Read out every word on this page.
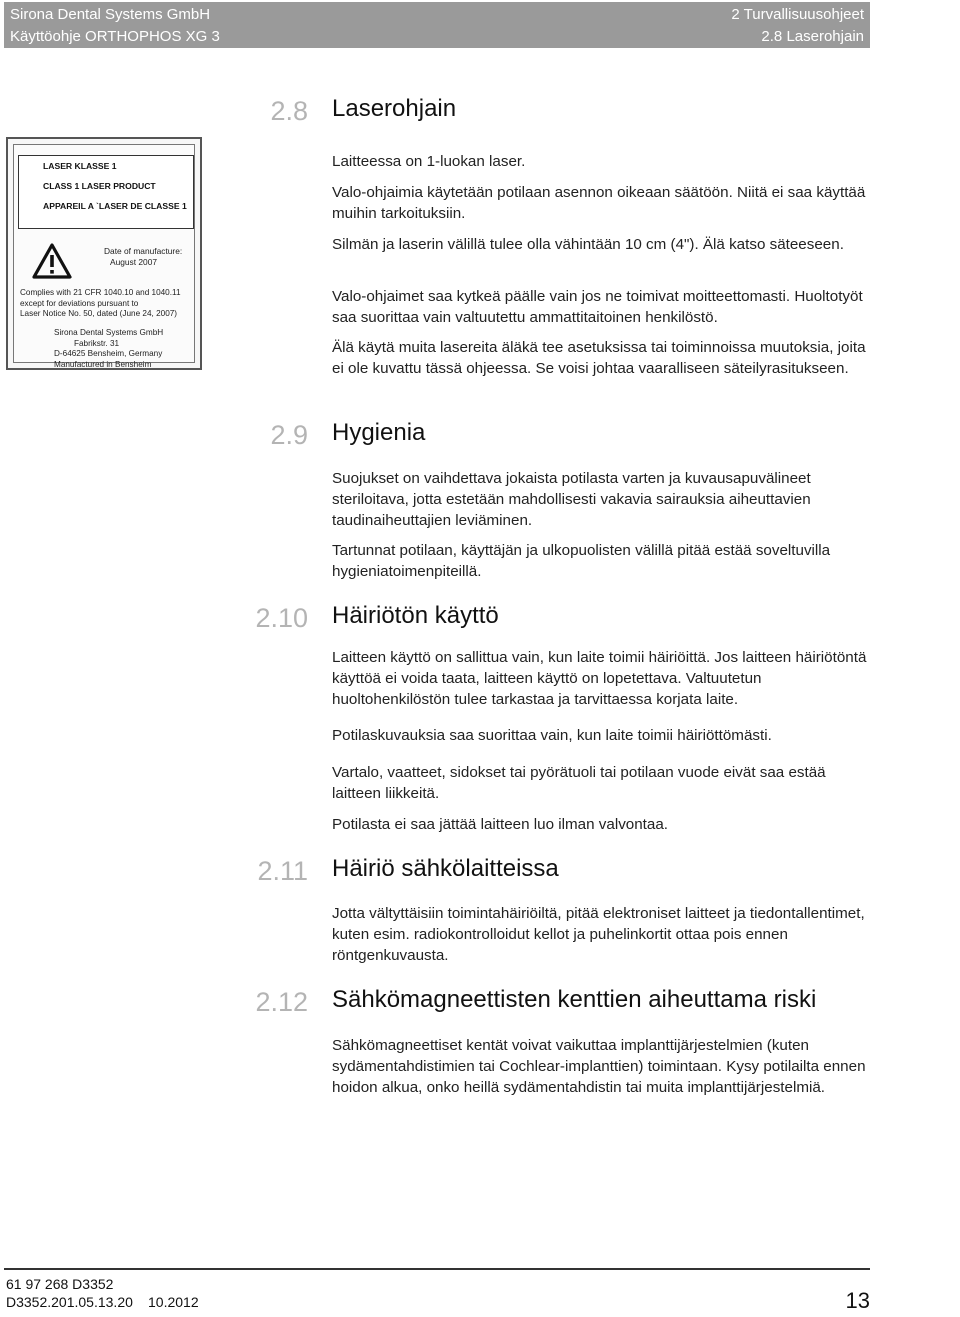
Sirona Dental Systems GmbH
Käyttöohje ORTHOPHOS XG 3
2 Turvallisuusohjeet
2.8 Laserohjain
LASER KLASSE 1
CLASS 1 LASER PRODUCT
APPAREIL A `LASER DE CLASSE 1
Date of manufacture:
August 2007
Complies with 21 CFR 1040.10 and 1040.11
except for deviations pursuant to
Laser Notice No. 50, dated (June 24, 2007)
Sirona Dental Systems GmbH
Fabrikstr. 31
D-64625 Bensheim, Germany
Manufactured in Bensheim
2.8 Laserohjain
Laitteessa on 1-luokan laser.
Valo-ohjaimia käytetään potilaan asennon oikeaan säätöön. Niitä ei saa käyttää muihin tarkoituksiin.
Silmän ja laserin välillä tulee olla vähintään 10 cm (4"). Älä katso säteeseen.
Valo-ohjaimet saa kytkeä päälle vain jos ne toimivat moitteettomasti. Huoltotyöt saa suorittaa vain valtuutettu ammattitaitoinen henkilöstö.
Älä käytä muita lasereita äläkä tee asetuksissa tai toiminnoissa muutoksia, joita ei ole kuvattu tässä ohjeessa. Se voisi johtaa vaaralliseen säteilyrasitukseen.
2.9 Hygienia
Suojukset on vaihdettava jokaista potilasta varten ja kuvausapuvälineet steriloitava, jotta estetään mahdollisesti vakavia sairauksia aiheuttavien taudinaiheuttajien leviäminen.
Tartunnat potilaan, käyttäjän ja ulkopuolisten välillä pitää estää soveltuvilla hygieniatoimenpiteillä.
2.10 Häiriötön käyttö
Laitteen käyttö on sallittua vain, kun laite toimii häiriöittä. Jos laitteen häiriötöntä käyttöä ei voida taata, laitteen käyttö on lopetettava. Valtuutetun huoltohenkilöstön tulee tarkastaa ja tarvittaessa korjata laite.
Potilaskuvauksia saa suorittaa vain, kun laite toimii häiriöttömästi.
Vartalo, vaatteet, sidokset tai pyörätuoli tai potilaan vuode eivät saa estää laitteen liikkeitä.
Potilasta ei saa jättää laitteen luo ilman valvontaa.
2.11 Häiriö sähkölaitteissa
Jotta vältyttäisiin toimintahäiriöiltä, pitää elektroniset laitteet ja tiedontallentimet, kuten esim. radiokontrolloidut kellot ja puhelinkortit ottaa pois ennen röntgenkuvausta.
2.12 Sähkömagneettisten kenttien aiheuttama riski
Sähkömagneettiset kentät voivat vaikuttaa implanttijärjestelmien (kuten sydämentahdistimien tai Cochlear-implanttien) toimintaan. Kysy potilailta ennen hoidon alkua, onko heillä sydämentahdistin tai muita implanttijärjestelmiä.
61 97 268 D3352
D3352.201.05.13.20 10.2012	13
